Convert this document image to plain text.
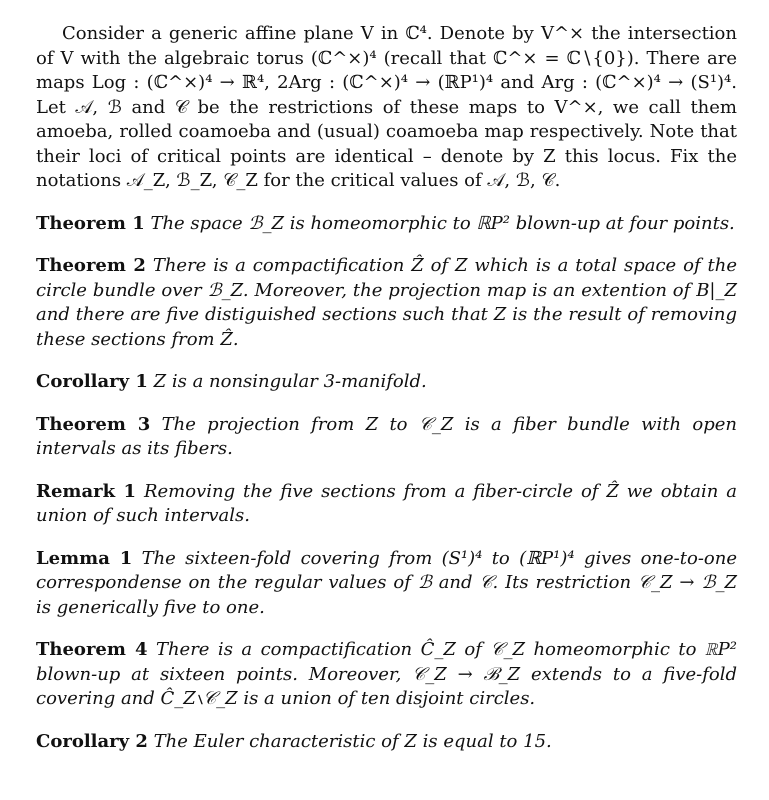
Consider a generic affine plane V in ℂ⁴. Denote by V^× the intersection of V with the algebraic torus (ℂ^×)⁴ (recall that ℂ^× = ℂ∖{0}). There are maps Log : (ℂ^×)⁴ → ℝ⁴, 2Arg : (ℂ^×)⁴ → (ℝP¹)⁴ and Arg : (ℂ^×)⁴ → (S¹)⁴. Let 𝒜, ℬ and 𝒞 be the restrictions of these maps to V^×, we call them amoeba, rolled coamoeba and (usual) coamoeba map respectively. Note that their loci of critical points are identical – denote by Z this locus. Fix the notations 𝒜_Z, ℬ_Z, 𝒞_Z for the critical values of 𝒜, ℬ, 𝒞.

Theorem 1 The space ℬ_Z is homeomorphic to ℝP² blown-up at four points.

Theorem 2 There is a compactification Ẑ of Z which is a total space of the circle bundle over ℬ_Z. Moreover, the projection map is an extention of B|_Z and there are five distiguished sections such that Z is the result of removing these sections from Ẑ.

Corollary 1 Z is a nonsingular 3-manifold.

Theorem 3 The projection from Z to 𝒞_Z is a fiber bundle with open intervals as its fibers.

Remark 1 Removing the five sections from a fiber-circle of Ẑ we obtain a union of such intervals.

Lemma 1 The sixteen-fold covering from (S¹)⁴ to (ℝP¹)⁴ gives one-to-one correspondense on the regular values of ℬ and 𝒞. Its restriction 𝒞_Z → ℬ_Z is generically five to one.

Theorem 4 There is a compactification Ĉ_Z of 𝒞_Z homeomorphic to ℝP² blown-up at sixteen points. Moreover, 𝒞_Z → ℬ_Z extends to a five-fold covering and Ĉ_Z∖𝒞_Z is a union of ten disjoint circles.

Corollary 2 The Euler characteristic of Z is equal to 15.
